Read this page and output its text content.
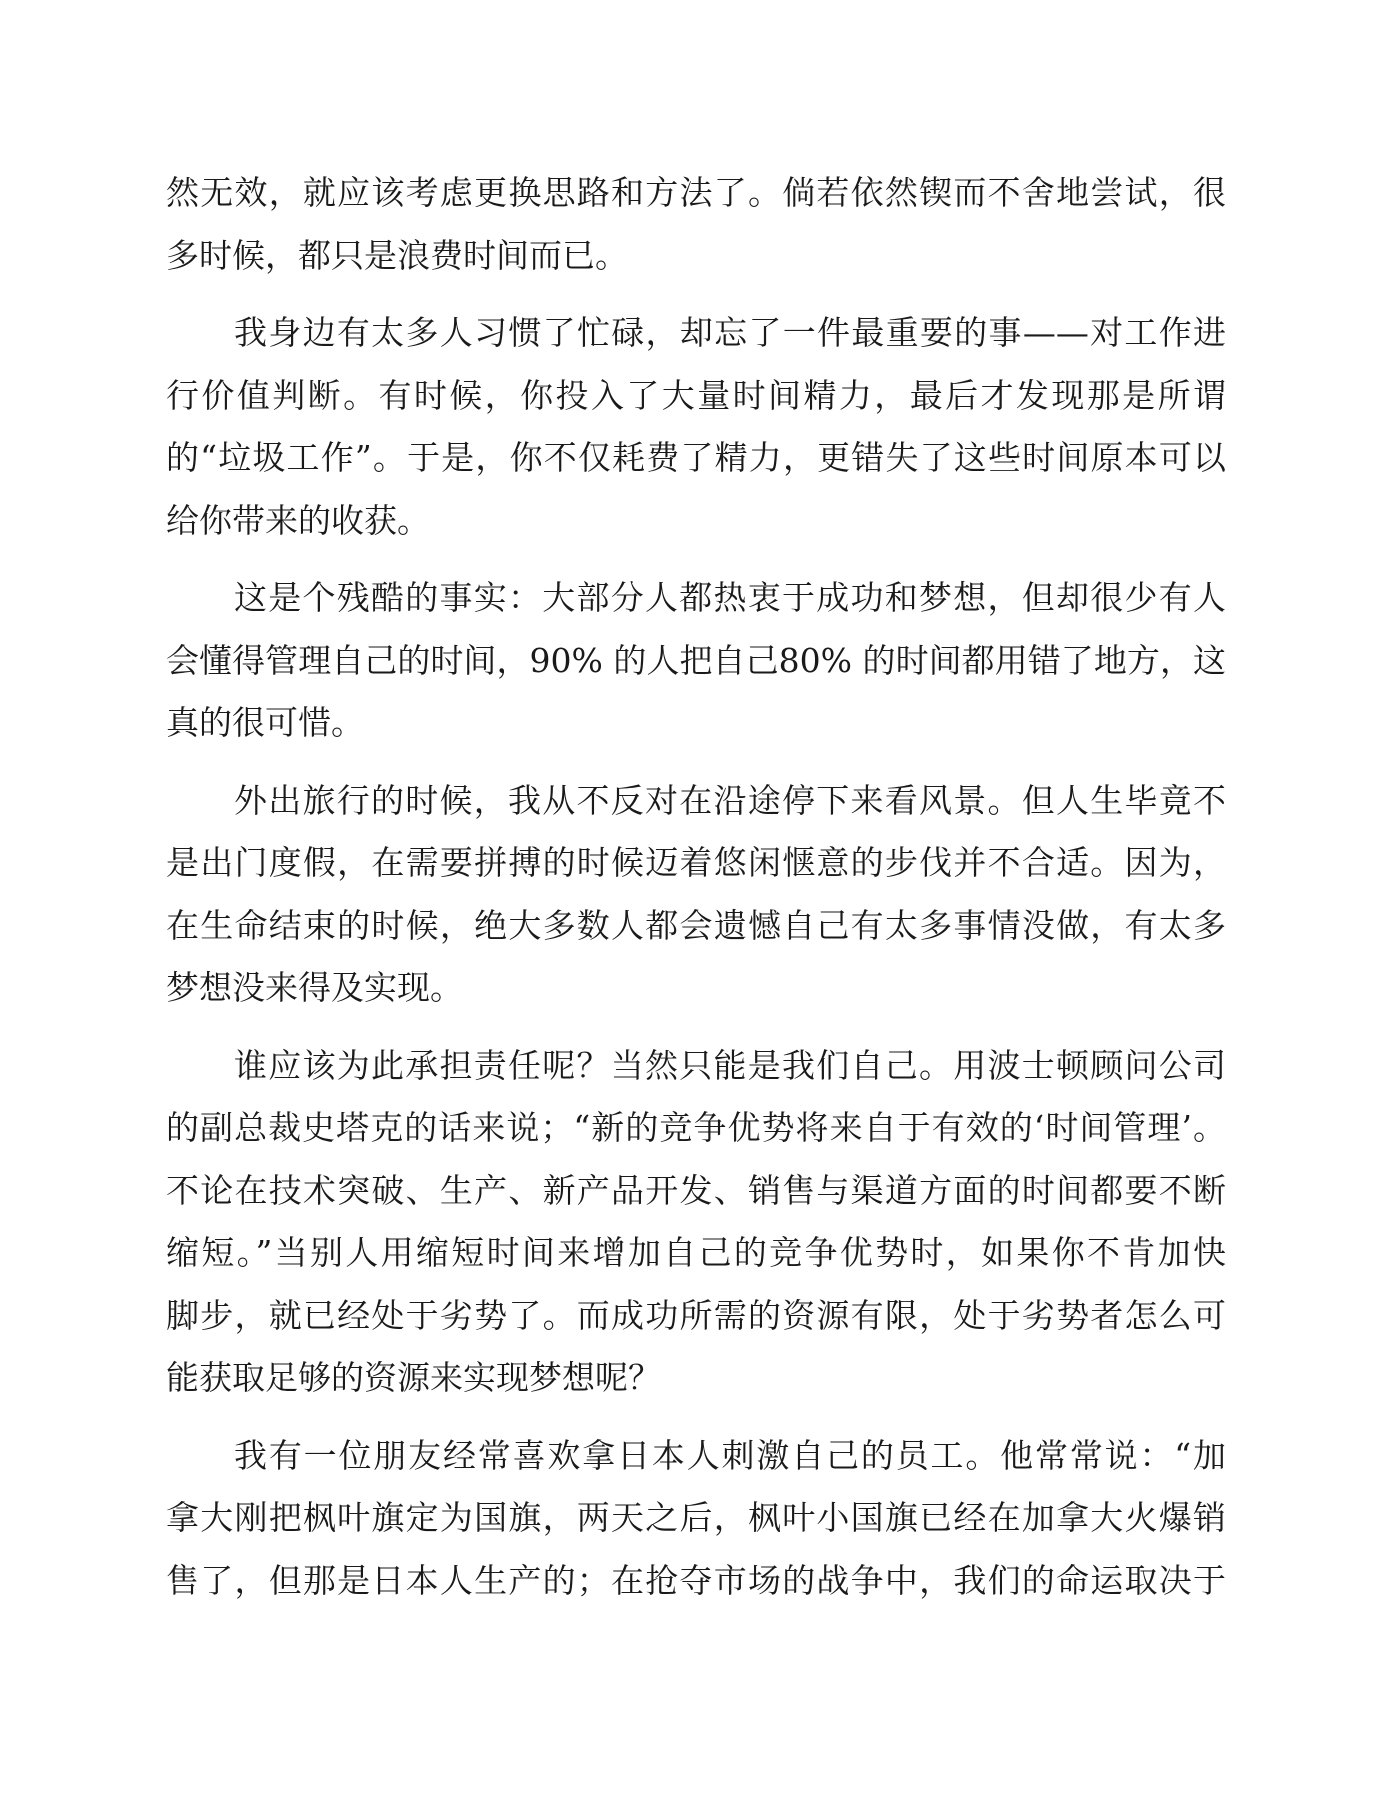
然无效，就应该考虑更换思路和方法了。倘若依然锲而不舍地尝试，很
多时候，都只是浪费时间而已。

我身边有太多人习惯了忙碌，却忘了一件最重要的事——对工作进
行价值判断。有时候，你投入了大量时间精力，最后才发现那是所谓
的“垃圾工作”。于是，你不仅耗费了精力，更错失了这些时间原本可以
给你带来的收获。

这是个残酷的事实：大部分人都热衷于成功和梦想，但却很少有人
会懂得管理自己的时间，90% 的人把自己80% 的时间都用错了地方，这
真的很可惜。

外出旅行的时候，我从不反对在沿途停下来看风景。但人生毕竟不
是出门度假，在需要拼搏的时候迈着悠闲惬意的步伐并不合适。因为，
在生命结束的时候，绝大多数人都会遗憾自己有太多事情没做，有太多
梦想没来得及实现。

谁应该为此承担责任呢？当然只能是我们自己。用波士顿顾问公司
的副总裁史塔克的话来说；“新的竞争优势将来自于有效的‘时间管理’。
不论在技术突破、生产、新产品开发、销售与渠道方面的时间都要不断
缩短。”当别人用缩短时间来增加自己的竞争优势时，如果你不肯加快
脚步，就已经处于劣势了。而成功所需的资源有限，处于劣势者怎么可
能获取足够的资源来实现梦想呢？

我有一位朋友经常喜欢拿日本人刺激自己的员工。他常常说：“加
拿大刚把枫叶旗定为国旗，两天之后，枫叶小国旗已经在加拿大火爆销
售了，但那是日本人生产的；在抢夺市场的战争中，我们的命运取决于
